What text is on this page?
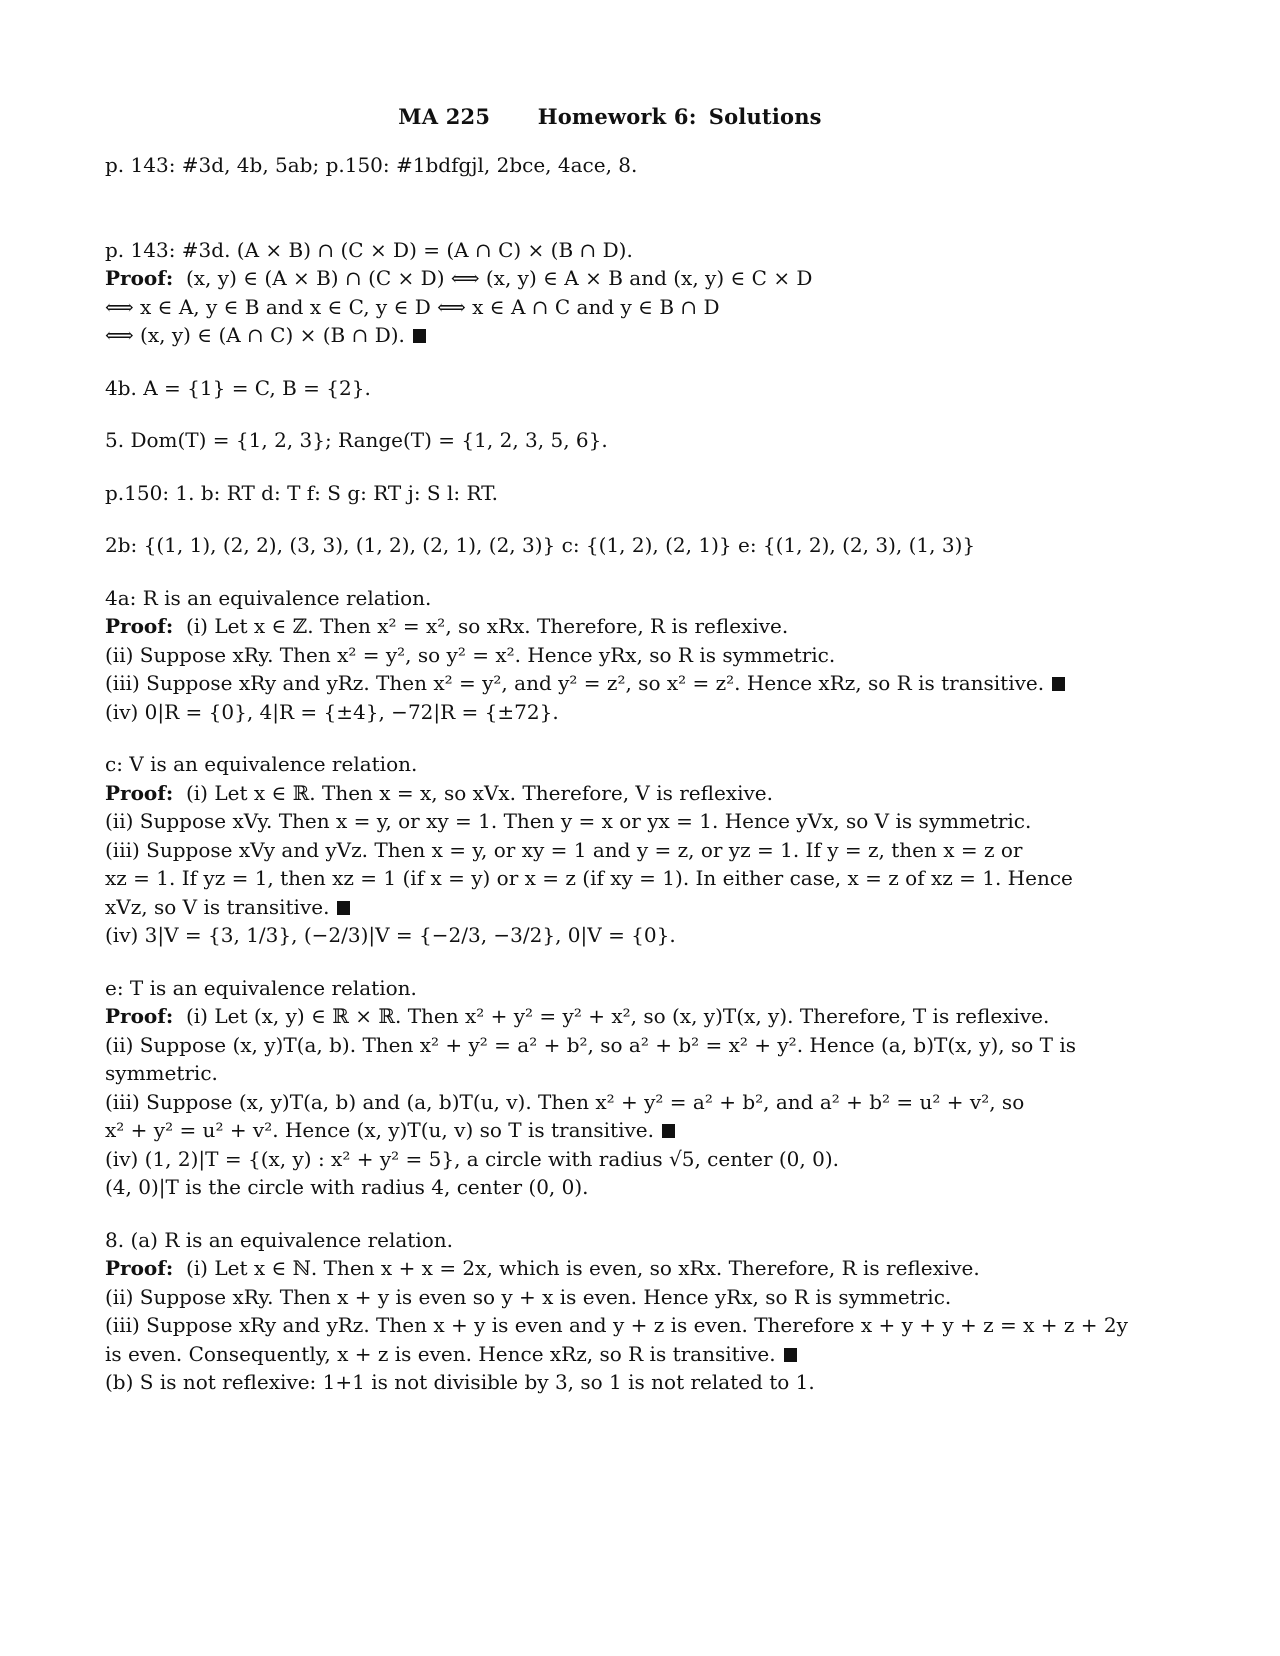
MA 225 Homework 6: Solutions
p. 143: #3d, 4b, 5ab; p.150: #1bdfgjl, 2bce, 4ace, 8.
p. 143: #3d. (A × B) ∩ (C × D) = (A ∩ C) × (B ∩ D).
Proof: (x, y) ∈ (A × B) ∩ (C × D) ⟺ (x, y) ∈ A × B and (x, y) ∈ C × D
⟺ x ∈ A, y ∈ B and x ∈ C, y ∈ D ⟺ x ∈ A ∩ C and y ∈ B ∩ D
⟺ (x, y) ∈ (A ∩ C) × (B ∩ D).
4b. A = {1} = C, B = {2}.
5. Dom(T) = {1, 2, 3}; Range(T) = {1, 2, 3, 5, 6}.
p.150: 1. b: RT d: T f: S g: RT j: S l: RT.
2b: {(1, 1), (2, 2), (3, 3), (1, 2), (2, 1), (2, 3)} c: {(1, 2), (2, 1)} e: {(1, 2), (2, 3), (1, 3)}
4a: R is an equivalence relation.
Proof: (i) Let x ∈ ℤ. Then x² = x², so xRx. Therefore, R is reflexive.
(ii) Suppose xRy. Then x² = y², so y² = x². Hence yRx, so R is symmetric.
(iii) Suppose xRy and yRz. Then x² = y², and y² = z², so x² = z². Hence xRz, so R is transitive.
(iv) 0|R = {0}, 4|R = {±4}, −72|R = {±72}.
c: V is an equivalence relation.
Proof: (i) Let x ∈ ℝ. Then x = x, so xVx. Therefore, V is reflexive.
(ii) Suppose xVy. Then x = y, or xy = 1. Then y = x or yx = 1. Hence yVx, so V is symmetric.
(iii) Suppose xVy and yVz. Then x = y, or xy = 1 and y = z, or yz = 1. If y = z, then x = z or
xz = 1. If yz = 1, then xz = 1 (if x = y) or x = z (if xy = 1). In either case, x = z of xz = 1. Hence
xVz, so V is transitive.
(iv) 3|V = {3, 1/3}, (−2/3)|V = {−2/3, −3/2}, 0|V = {0}.
e: T is an equivalence relation.
Proof: (i) Let (x, y) ∈ ℝ × ℝ. Then x² + y² = y² + x², so (x, y)T(x, y). Therefore, T is reflexive.
(ii) Suppose (x, y)T(a, b). Then x² + y² = a² + b², so a² + b² = x² + y². Hence (a, b)T(x, y), so T is
symmetric.
(iii) Suppose (x, y)T(a, b) and (a, b)T(u, v). Then x² + y² = a² + b², and a² + b² = u² + v², so
x² + y² = u² + v². Hence (x, y)T(u, v) so T is transitive.
(iv) (1, 2)|T = {(x, y) : x² + y² = 5}, a circle with radius √5, center (0, 0).
(4, 0)|T is the circle with radius 4, center (0, 0).
8. (a) R is an equivalence relation.
Proof: (i) Let x ∈ ℕ. Then x + x = 2x, which is even, so xRx. Therefore, R is reflexive.
(ii) Suppose xRy. Then x + y is even so y + x is even. Hence yRx, so R is symmetric.
(iii) Suppose xRy and yRz. Then x + y is even and y + z is even. Therefore x + y + y + z = x + z + 2y
is even. Consequently, x + z is even. Hence xRz, so R is transitive.
(b) S is not reflexive: 1+1 is not divisible by 3, so 1 is not related to 1.
